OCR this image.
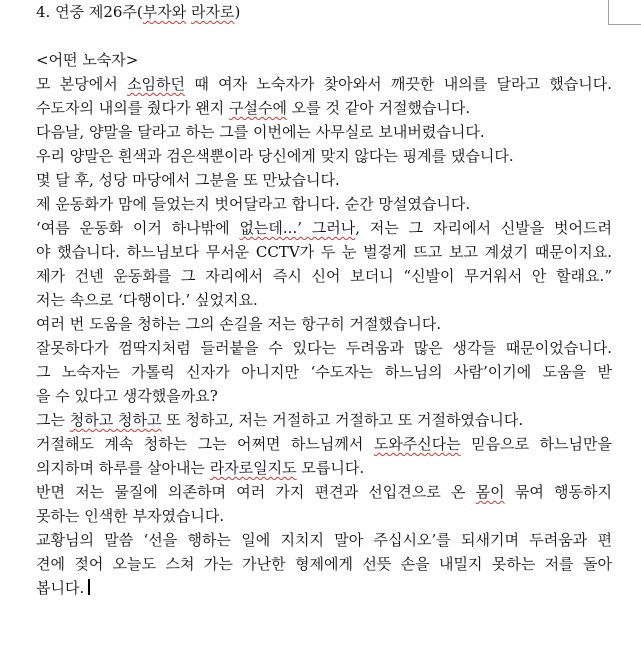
4. 연중 제26주(부자와 라자로)
<어떤 노숙자>
모 본당에서 소임하던 때 여자 노숙자가 찾아와서 깨끗한 내의를 달라고 했습니다.
수도자의 내의를 줬다가 왠지 구설수에 오를 것 같아 거절했습니다.
다음날, 양말을 달라고 하는 그를 이번에는 사무실로 보내버렸습니다.
우리 양말은 흰색과 검은색뿐이라 당신에게 맞지 않다는 핑계를 댔습니다.
몇 달 후, 성당 마당에서 그분을 또 만났습니다.
제 운동화가 맘에 들었는지 벗어달라고 합니다. 순간 망설였습니다.
‘여름 운동화 이거 하나밖에 없는데...’ 그러나, 저는 그 자리에서 신발을 벗어드려
야 했습니다. 하느님보다 무서운 CCTV가 두 눈 벌겋게 뜨고 보고 계셨기 때문이지요.
제가 건넨 운동화를 그 자리에서 즉시 신어 보더니 “신발이 무거워서 안 할래요.”
저는 속으로 ‘다행이다.’ 싶었지요.
여러 번 도움을 청하는 그의 손길을 저는 항구히 거절했습니다.
잘못하다가 껌딱지처럼 들러붙을 수 있다는 두려움과 많은 생각들 때문이었습니다.
그 노숙자는 가톨릭 신자가 아니지만 ‘수도자는 하느님의 사람’이기에 도움을 받
을 수 있다고 생각했을까요?
그는 청하고 청하고 또 청하고, 저는 거절하고 거절하고 또 거절하였습니다.
거절해도 계속 청하는 그는 어쩌면 하느님께서 도와주신다는 믿음으로 하느님만을
의지하며 하루를 살아내는 라자로일지도 모릅니다.
반면 저는 물질에 의존하며 여러 가지 편견과 선입견으로 온 몸이 묶여 행동하지
못하는 인색한 부자였습니다.
교황님의 말씀 ‘선을 행하는 일에 지치지 말아 주십시오’를 되새기며 두려움과 편
견에 젖어 오늘도 스쳐 가는 가난한 형제에게 선뜻 손을 내밀지 못하는 저를 돌아
봅니다.
